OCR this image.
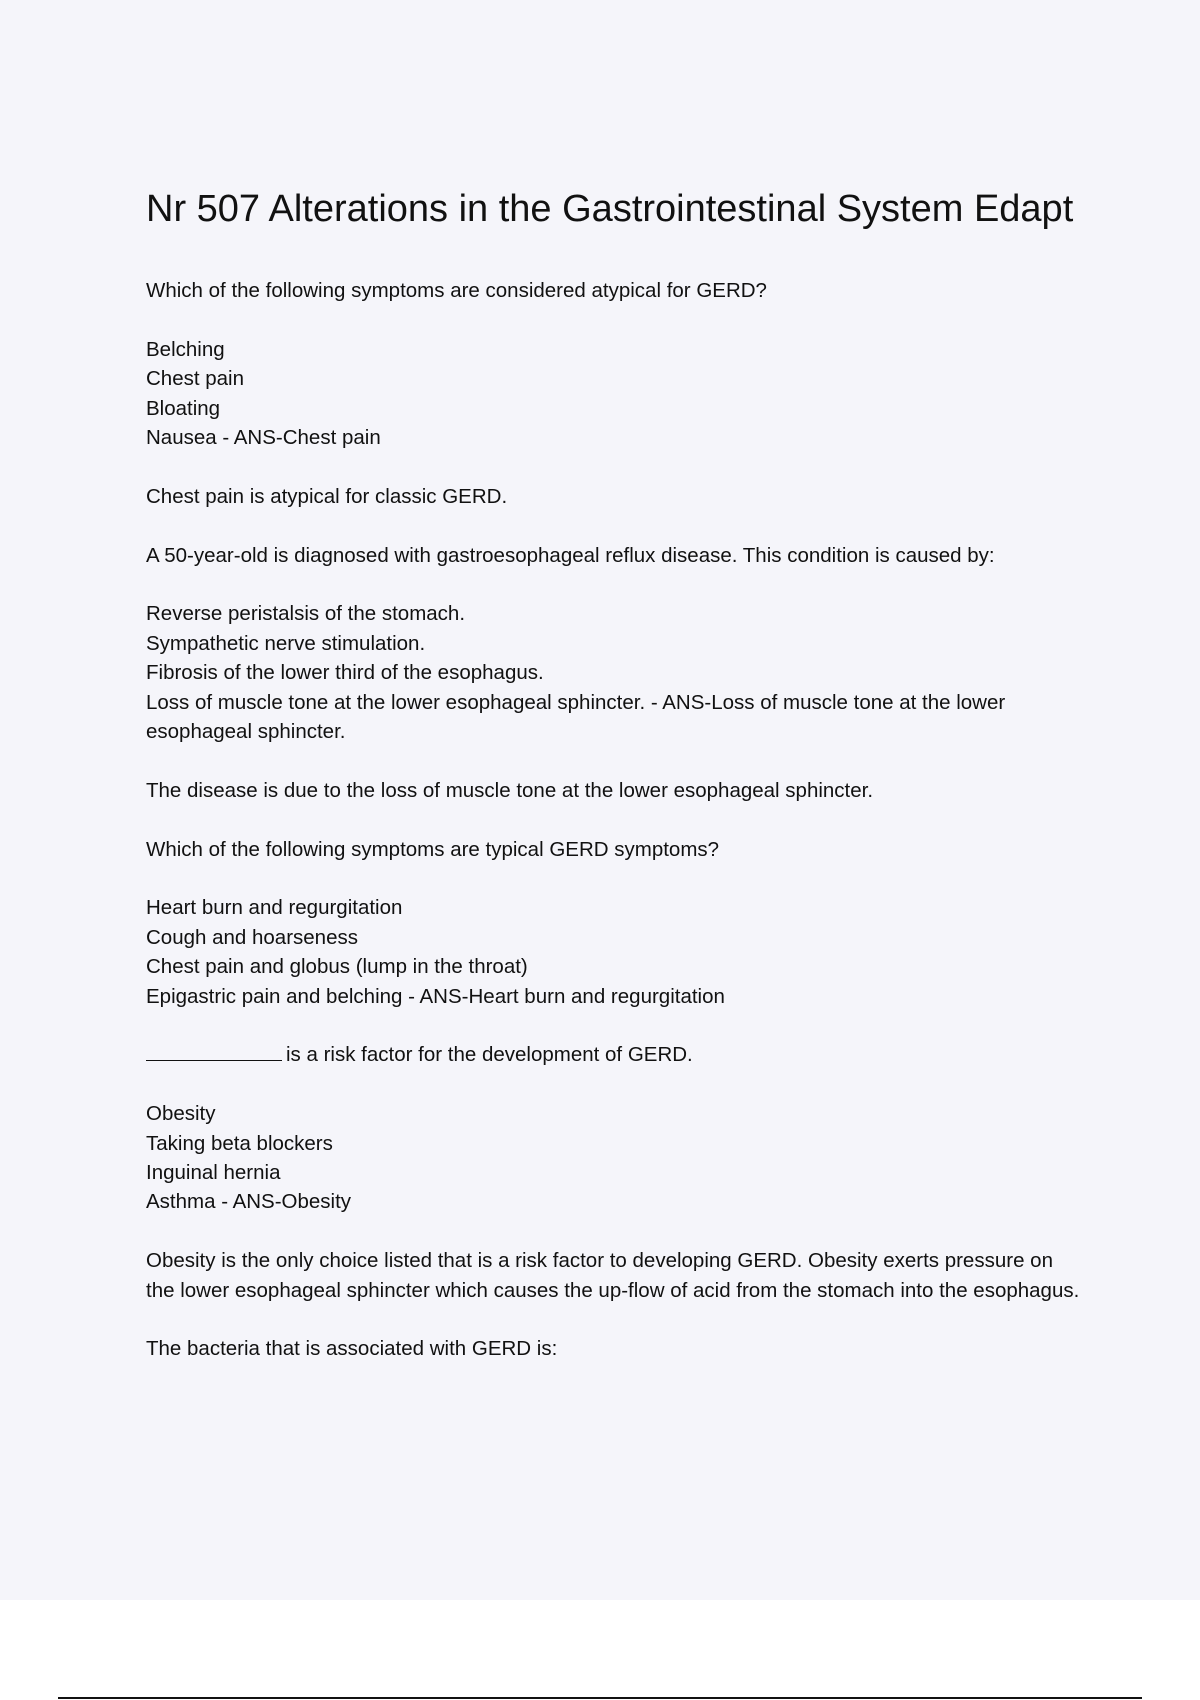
Nr 507 Alterations in the Gastrointestinal System Edapt

Which of the following symptoms are considered atypical for GERD?

Belching
Chest pain
Bloating
Nausea - ANS-Chest pain

Chest pain is atypical for classic GERD.

A 50-year-old is diagnosed with gastroesophageal reflux disease. This condition is caused by:

Reverse peristalsis of the stomach.
Sympathetic nerve stimulation.
Fibrosis of the lower third of the esophagus.
Loss of muscle tone at the lower esophageal sphincter. - ANS-Loss of muscle tone at the lower esophageal sphincter.

The disease is due to the loss of muscle tone at the lower esophageal sphincter.

Which of the following symptoms are typical GERD symptoms?

Heart burn and regurgitation
Cough and hoarseness
Chest pain and globus (lump in the throat)
Epigastric pain and belching - ANS-Heart burn and regurgitation

is a risk factor for the development of GERD.

Obesity
Taking beta blockers
Inguinal hernia
Asthma - ANS-Obesity

Obesity is the only choice listed that is a risk factor to developing GERD. Obesity exerts pressure on the lower esophageal sphincter which causes the up-flow of acid from the stomach into the esophagus.

The bacteria that is associated with GERD is:
